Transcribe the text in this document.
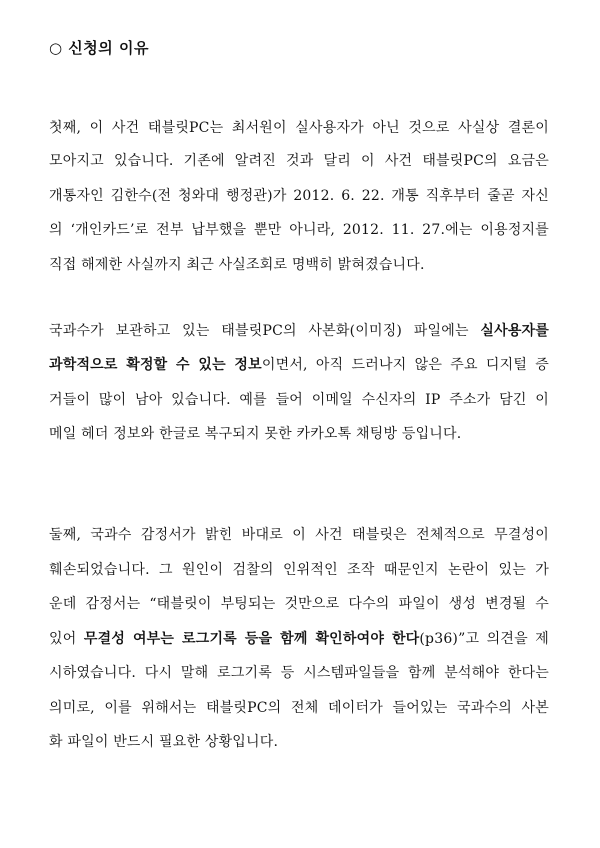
○ 신청의 이유
첫째, 이 사건 태블릿PC는 최서원이 실사용자가 아닌 것으로 사실상 결론이
모아지고 있습니다. 기존에 알려진 것과 달리 이 사건 태블릿PC의 요금은
개통자인 김한수(전 청와대 행정관)가 2012. 6. 22. 개통 직후부터 줄곧 자신
의 ‘개인카드’로 전부 납부했을 뿐만 아니라, 2012. 11. 27.에는 이용정지를
직접 해제한 사실까지 최근 사실조회로 명백히 밝혀졌습니다.
국과수가 보관하고 있는 태블릿PC의 사본화(이미징) 파일에는 실사용자를
과학적으로 확정할 수 있는 정보이면서, 아직 드러나지 않은 주요 디지털 증
거들이 많이 남아 있습니다. 예를 들어 이메일 수신자의 IP 주소가 담긴 이
메일 헤더 정보와 한글로 복구되지 못한 카카오톡 채팅방 등입니다.
둘째, 국과수 감정서가 밝힌 바대로 이 사건 태블릿은 전체적으로 무결성이
훼손되었습니다. 그 원인이 검찰의 인위적인 조작 때문인지 논란이 있는 가
운데 감정서는 “태블릿이 부팅되는 것만으로 다수의 파일이 생성 변경될 수
있어 무결성 여부는 로그기록 등을 함께 확인하여야 한다(p36)”고 의견을 제
시하였습니다. 다시 말해 로그기록 등 시스템파일들을 함께 분석해야 한다는
의미로, 이를 위해서는 태블릿PC의 전체 데이터가 들어있는 국과수의 사본
화 파일이 반드시 필요한 상황입니다.
